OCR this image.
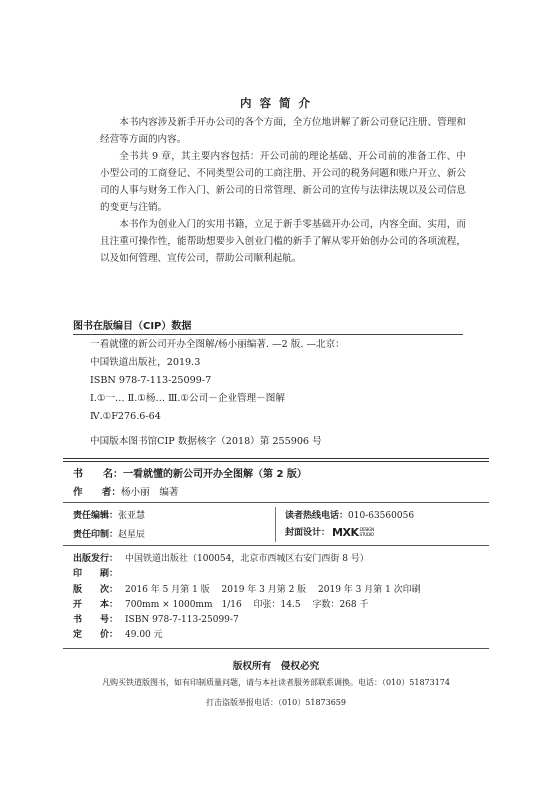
内 容 简 介

本书内容涉及新手开办公司的各个方面，全方位地讲解了新公司登记注册、管理和经营等方面的内容。

全书共 9 章，其主要内容包括：开公司前的理论基础、开公司前的准备工作、中小型公司的工商登记、不同类型公司的工商注册、开公司的税务问题和账户开立、新公司的人事与财务工作入门、新公司的日常管理、新公司的宣传与法律法规以及公司信息的变更与注销。

本书作为创业入门的实用书籍，立足于新手零基础开办公司，内容全面、实用，而且注重可操作性，能帮助想要步入创业门槛的新手了解从零开始创办公司的各项流程，以及如何管理、宣传公司，帮助公司顺利起航。

图书在版编目（CIP）数据
一看就懂的新公司开办全图解/杨小丽编著. —2 版. —北京：
中国铁道出版社，2019.3
ISBN 978-7-113-25099-7
Ⅰ.①一… Ⅱ.①杨… Ⅲ.①公司－企业管理－图解
Ⅳ.①F276.6-64
中国版本图书馆CIP 数据核字（2018）第 255906 号
书　　名：一看就懂的新公司开办全图解（第 2 版）
作　　者：杨小丽　编著
责任编辑：张亚慧
责任印制：赵星辰
读者热线电话：010-63560056
封面设计： MXKDESIGN STUDIO
出版发行： 中国铁道出版社（100054，北京市西城区右安门西街 8 号）
印　　刷：
版　　次： 2016 年 5 月第 1 版　 2019 年 3 月第 2 版　 2019 年 3 月第 1 次印刷
开　　本： 700mm × 1000mm　1/16　 印张：14.5　 字数：268 千
书　　号： ISBN 978-7-113-25099-7
定　　价： 49.00 元
版权所有　侵权必究
凡购买铁道版图书，如有印制质量问题，请与本社读者服务部联系调换。电话：（010）51873174
打击盗版举报电话：（010）51873659
